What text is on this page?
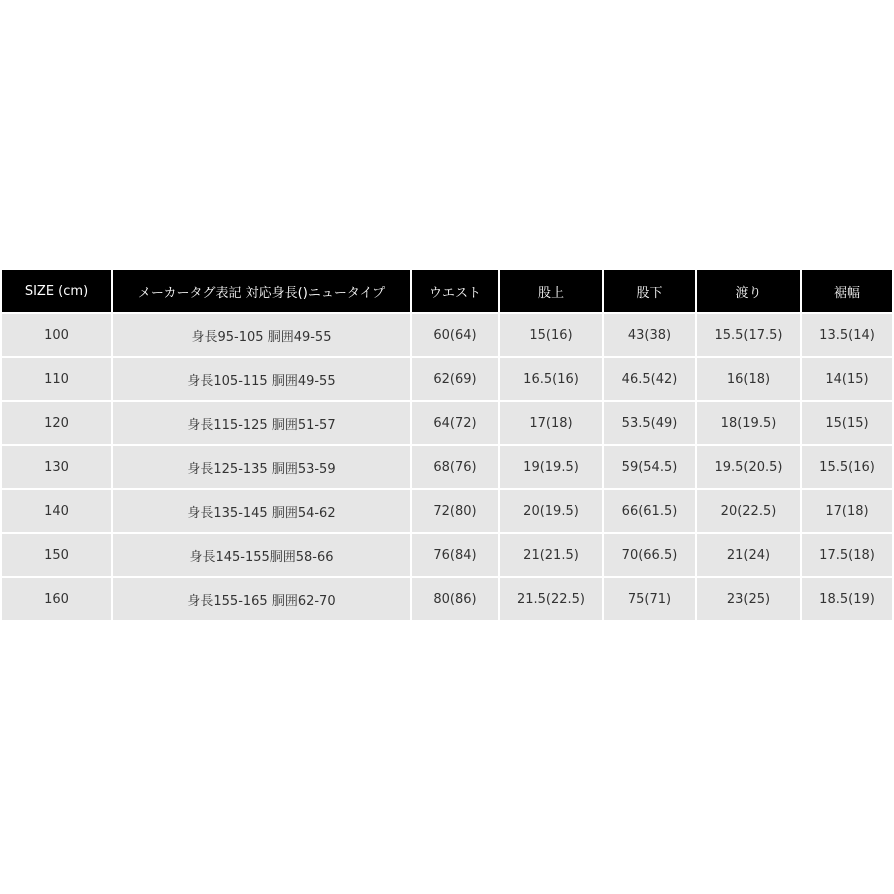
SIZE (cm)	メーカータグ表記 対応身長()ニュータイプ	ウエスト	股上	股下	渡り	裾幅
100	身長95-105 胴囲49-55	60(64)	15(16)	43(38)	15.5(17.5)	13.5(14)
110	身長105-115 胴囲49-55	62(69)	16.5(16)	46.5(42)	16(18)	14(15)
120	身長115-125 胴囲51-57	64(72)	17(18)	53.5(49)	18(19.5)	15(15)
130	身長125-135 胴囲53-59	68(76)	19(19.5)	59(54.5)	19.5(20.5)	15.5(16)
140	身長135-145 胴囲54-62	72(80)	20(19.5)	66(61.5)	20(22.5)	17(18)
150	身長145-155胴囲58-66	76(84)	21(21.5)	70(66.5)	21(24)	17.5(18)
160	身長155-165 胴囲62-70	80(86)	21.5(22.5)	75(71)	23(25)	18.5(19)
